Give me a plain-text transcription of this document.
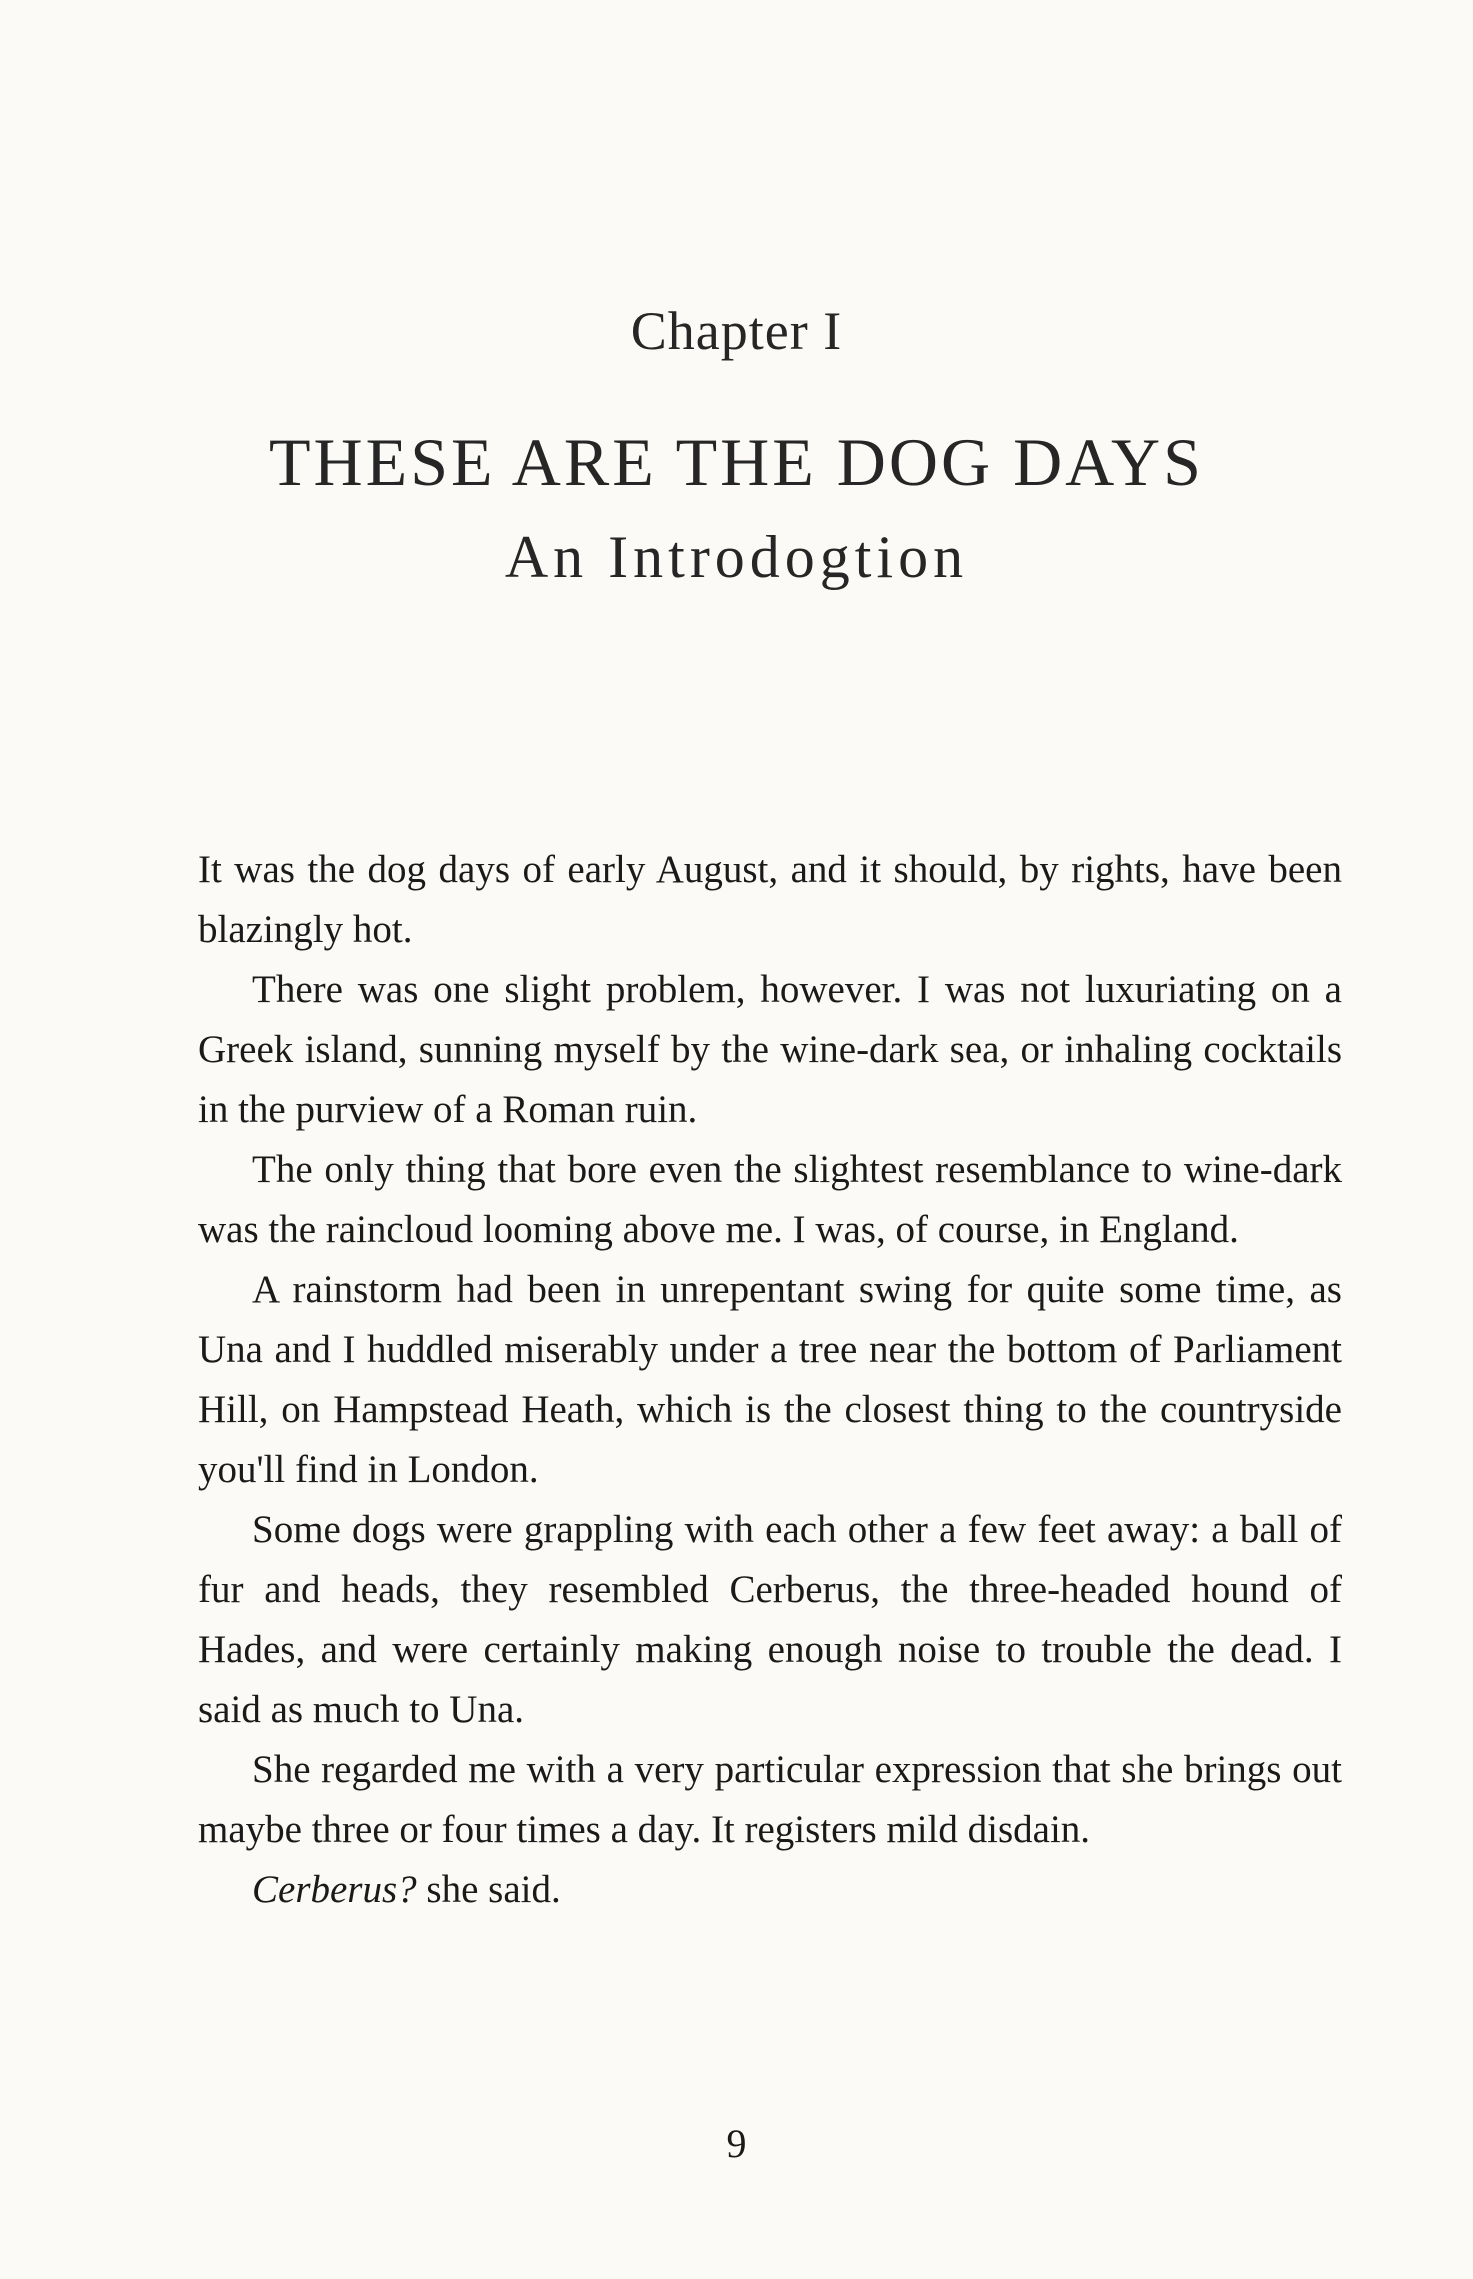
Chapter I
THESE ARE THE DOG DAYS
An Introdogtion

It was the dog days of early August, and it should, by rights, have been blazingly hot.

There was one slight problem, however. I was not luxuriating on a Greek island, sunning myself by the wine-dark sea, or inhaling cocktails in the purview of a Roman ruin.

The only thing that bore even the slightest resemblance to wine-dark was the raincloud looming above me. I was, of course, in England.

A rainstorm had been in unrepentant swing for quite some time, as Una and I huddled miserably under a tree near the bottom of Parliament Hill, on Hampstead Heath, which is the closest thing to the countryside you'll find in London.

Some dogs were grappling with each other a few feet away: a ball of fur and heads, they resembled Cerberus, the three-headed hound of Hades, and were certainly making enough noise to trouble the dead. I said as much to Una.

She regarded me with a very particular expression that she brings out maybe three or four times a day. It registers mild disdain.

Cerberus? she said.

9
